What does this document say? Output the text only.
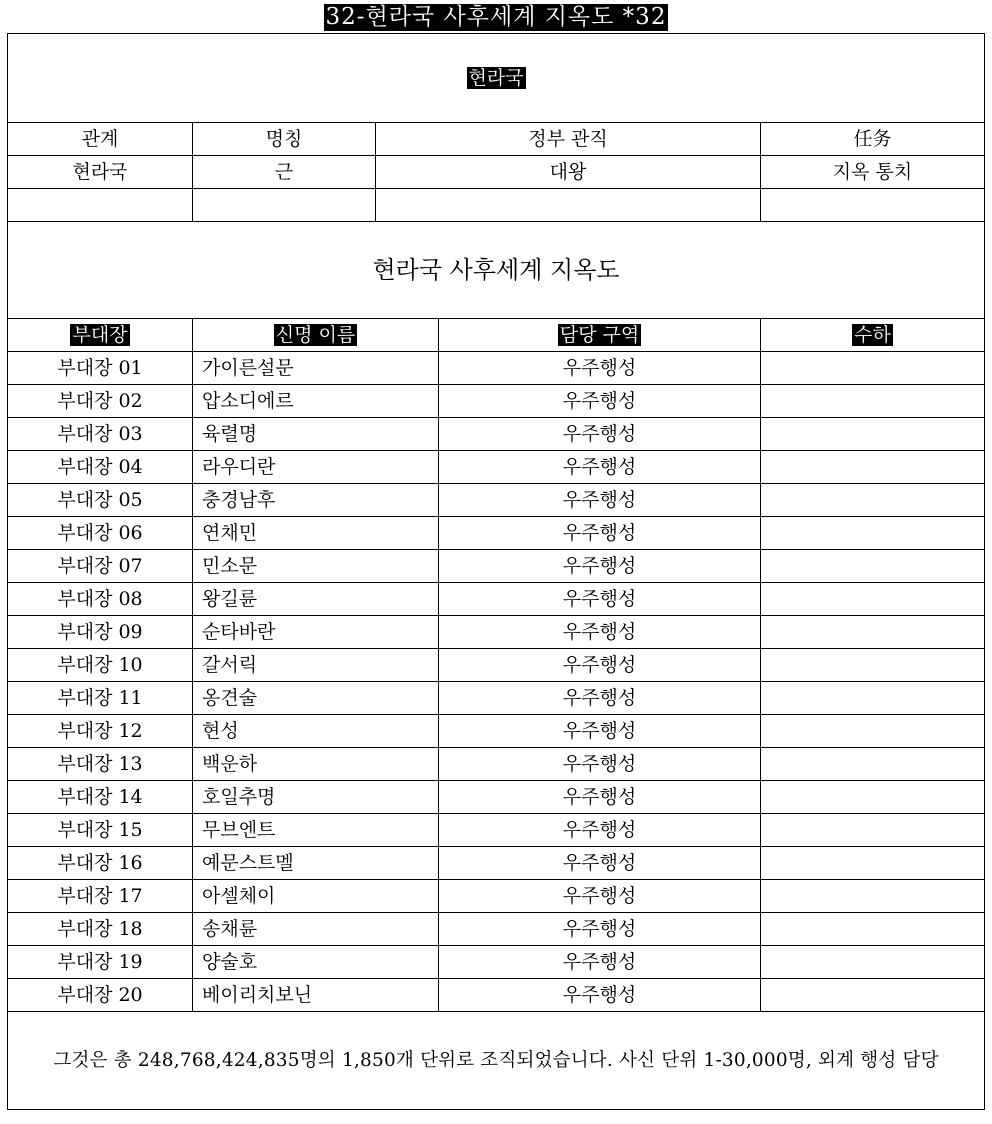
32-현라국 사후세계 지옥도 *32
현라국				
관계	명칭	정부 관직		任务
현라국	근	대왕		지옥 통치

현라국 사후세계 지옥도				
부대장	신명 이름		담당 구역	수하
부대장 01	가이른설문		우주행성	
부대장 02	압소디에르		우주행성	
부대장 03	육렬명		우주행성	
부대장 04	라우디란		우주행성	
부대장 05	충경남후		우주행성	
부대장 06	연채민		우주행성	
부대장 07	민소문		우주행성	
부대장 08	왕길륜		우주행성	
부대장 09	순타바란		우주행성	
부대장 10	갈서릭		우주행성	
부대장 11	옹견술		우주행성	
부대장 12	현성		우주행성	
부대장 13	백운하		우주행성	
부대장 14	호일추명		우주행성	
부대장 15	무브엔트		우주행성	
부대장 16	예문스트멜		우주행성	
부대장 17	아셀체이		우주행성	
부대장 18	송채륜		우주행성	
부대장 19	양술호		우주행성	
부대장 20	베이리치보닌		우주행성	
그것은 총 248,768,424,835명의 1,850개 단위로 조직되었습니다. 사신 단위 1-30,000명, 외계 행성 담당				
